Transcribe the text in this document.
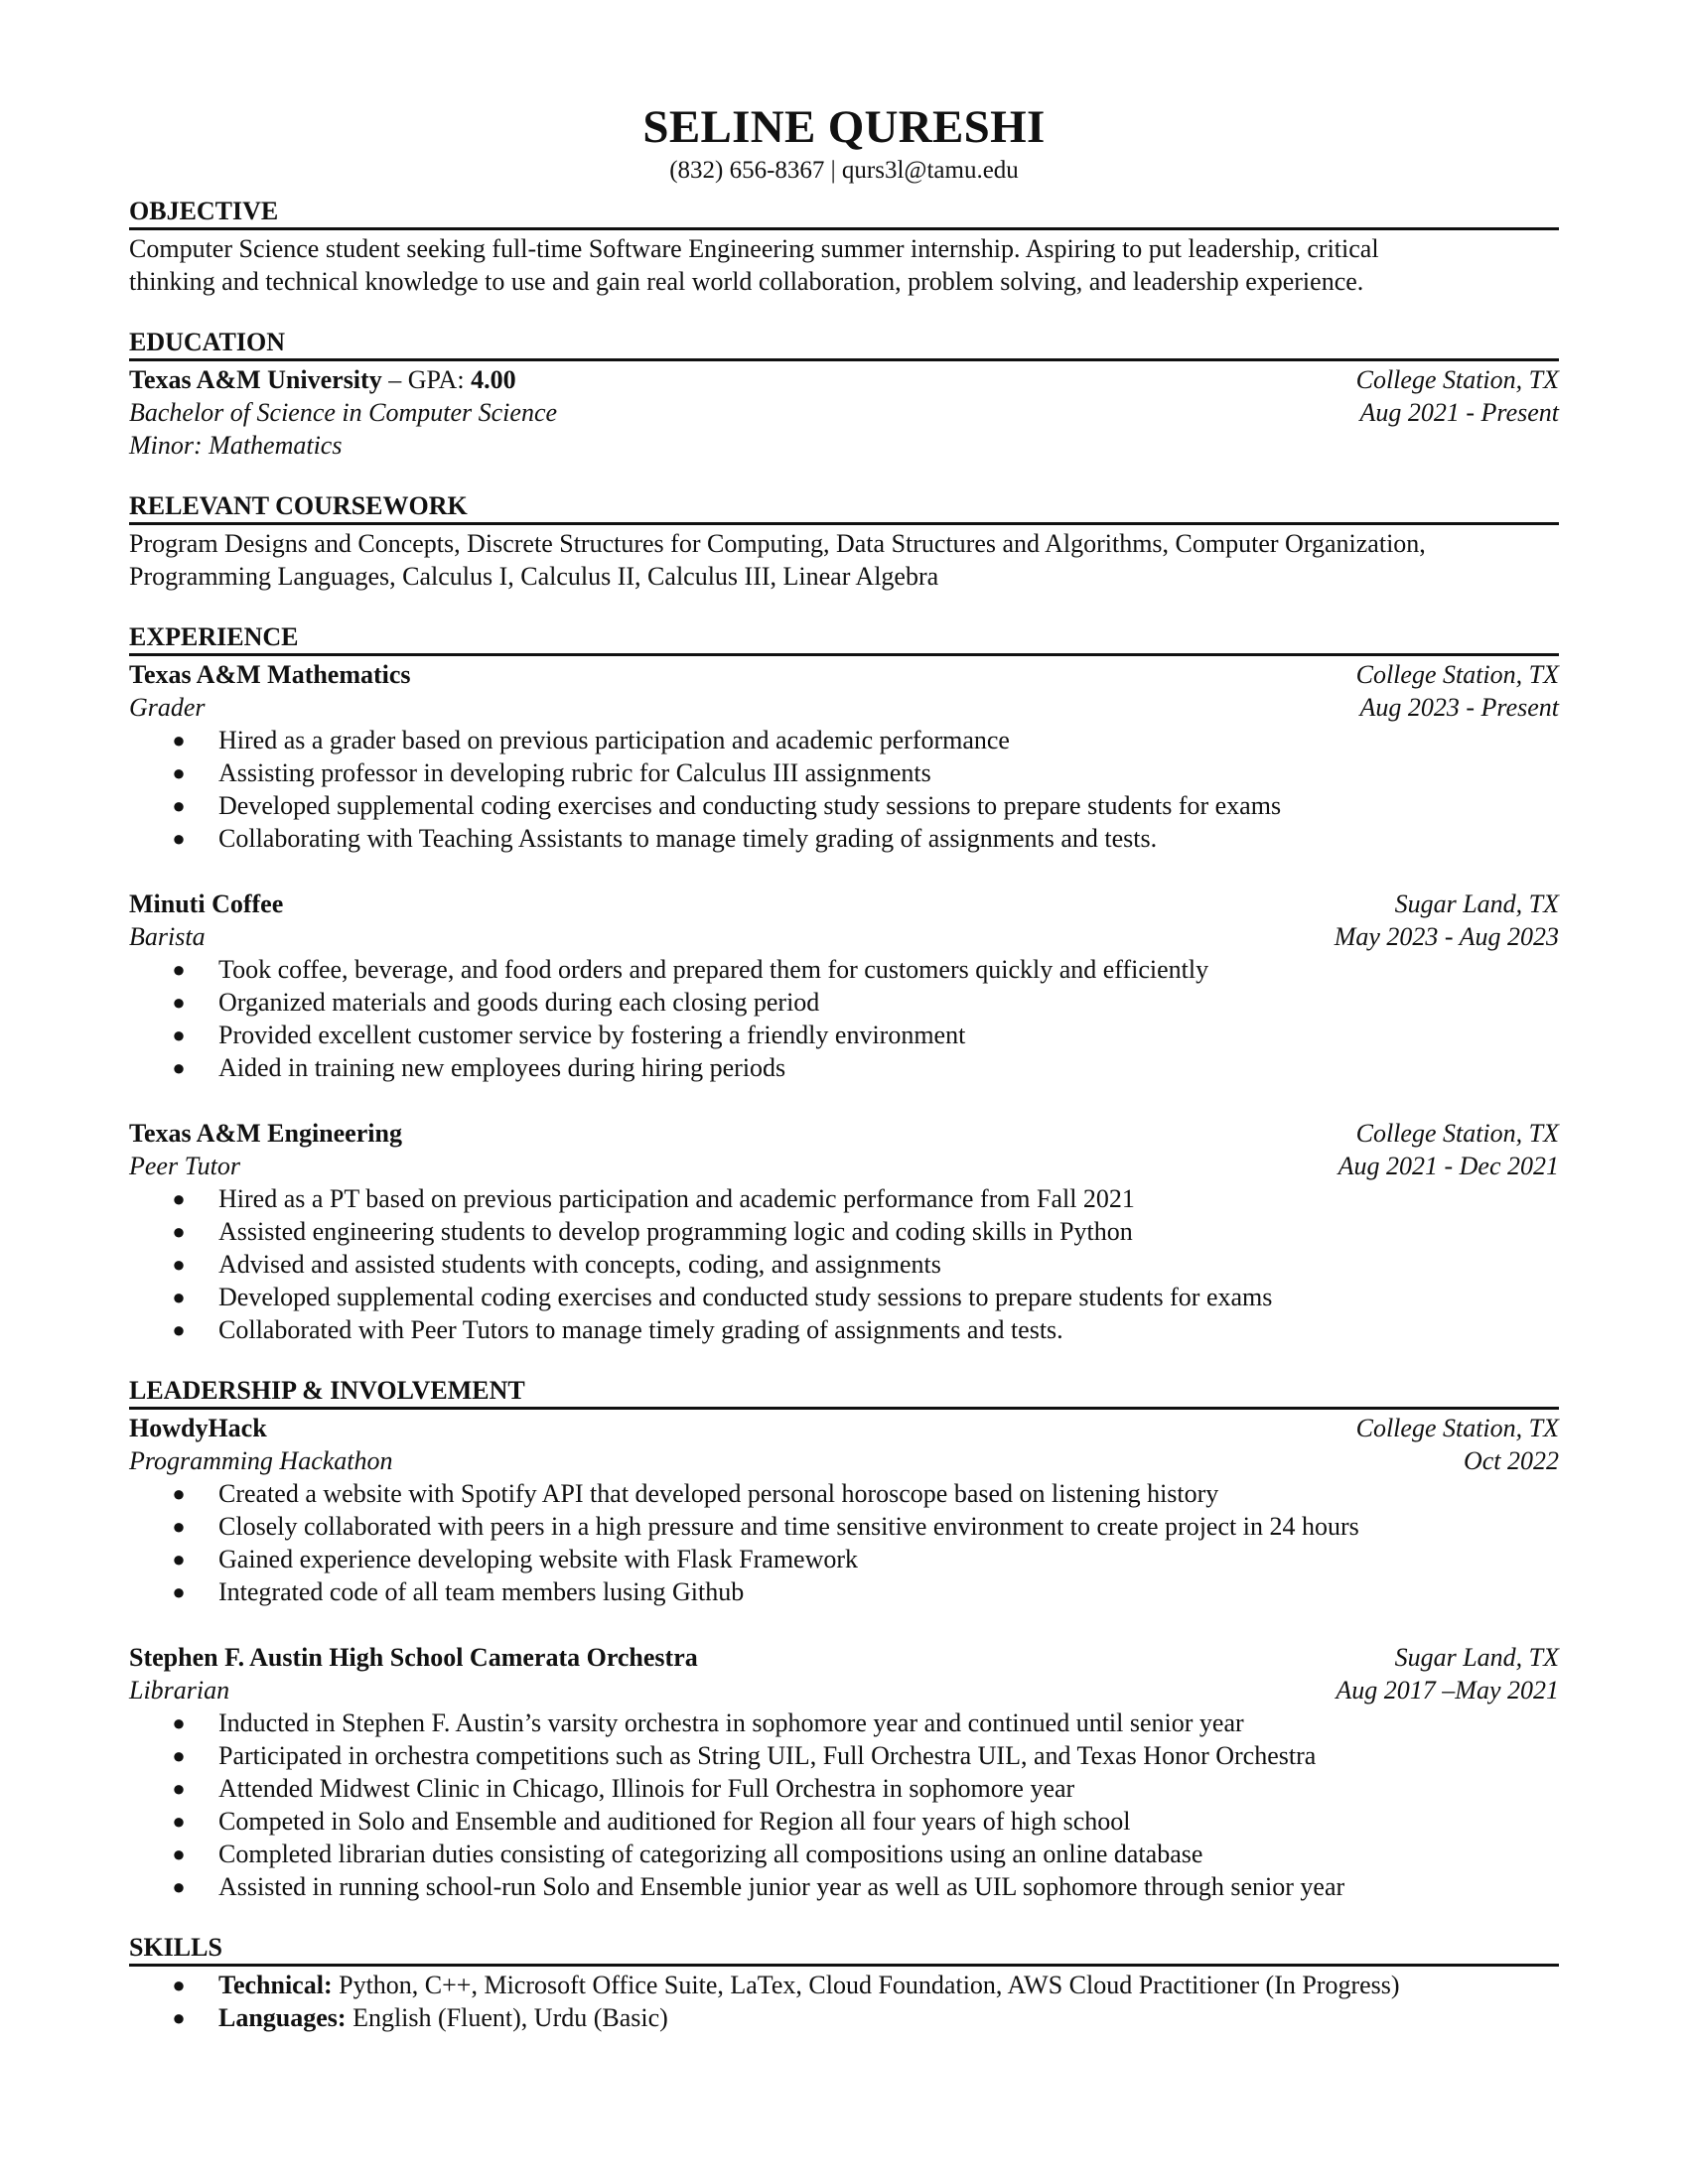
SELINE QURESHI
(832) 656-8367 | qurs3l@tamu.edu
OBJECTIVE
Computer Science student seeking full-time Software Engineering summer internship. Aspiring to put leadership, critical
thinking and technical knowledge to use and gain real world collaboration, problem solving, and leadership experience.
EDUCATION
Texas A&M University – GPA: 4.00	College Station, TX
Bachelor of Science in Computer Science	Aug 2021 - Present
Minor: Mathematics
RELEVANT COURSEWORK
Program Designs and Concepts, Discrete Structures for Computing, Data Structures and Algorithms, Computer Organization,
Programming Languages, Calculus I, Calculus II, Calculus III, Linear Algebra
EXPERIENCE
Texas A&M Mathematics	College Station, TX
Grader	Aug 2023 - Present
● Hired as a grader based on previous participation and academic performance
● Assisting professor in developing rubric for Calculus III assignments
● Developed supplemental coding exercises and conducting study sessions to prepare students for exams
● Collaborating with Teaching Assistants to manage timely grading of assignments and tests.
Minuti Coffee	Sugar Land, TX
Barista	May 2023 - Aug 2023
● Took coffee, beverage, and food orders and prepared them for customers quickly and efficiently
● Organized materials and goods during each closing period
● Provided excellent customer service by fostering a friendly environment
● Aided in training new employees during hiring periods
Texas A&M Engineering	College Station, TX
Peer Tutor	Aug 2021 - Dec 2021
● Hired as a PT based on previous participation and academic performance from Fall 2021
● Assisted engineering students to develop programming logic and coding skills in Python
● Advised and assisted students with concepts, coding, and assignments
● Developed supplemental coding exercises and conducted study sessions to prepare students for exams
● Collaborated with Peer Tutors to manage timely grading of assignments and tests.
LEADERSHIP & INVOLVEMENT
HowdyHack	College Station, TX
Programming Hackathon	Oct 2022
● Created a website with Spotify API that developed personal horoscope based on listening history
● Closely collaborated with peers in a high pressure and time sensitive environment to create project in 24 hours
● Gained experience developing website with Flask Framework
● Integrated code of all team members lusing Github
Stephen F. Austin High School Camerata Orchestra	Sugar Land, TX
Librarian	Aug 2017 –May 2021
● Inducted in Stephen F. Austin’s varsity orchestra in sophomore year and continued until senior year
● Participated in orchestra competitions such as String UIL, Full Orchestra UIL, and Texas Honor Orchestra
● Attended Midwest Clinic in Chicago, Illinois for Full Orchestra in sophomore year
● Competed in Solo and Ensemble and auditioned for Region all four years of high school
● Completed librarian duties consisting of categorizing all compositions using an online database
● Assisted in running school-run Solo and Ensemble junior year as well as UIL sophomore through senior year
SKILLS
● Technical: Python, C++, Microsoft Office Suite, LaTex, Cloud Foundation, AWS Cloud Practitioner (In Progress)
● Languages: English (Fluent), Urdu (Basic)
